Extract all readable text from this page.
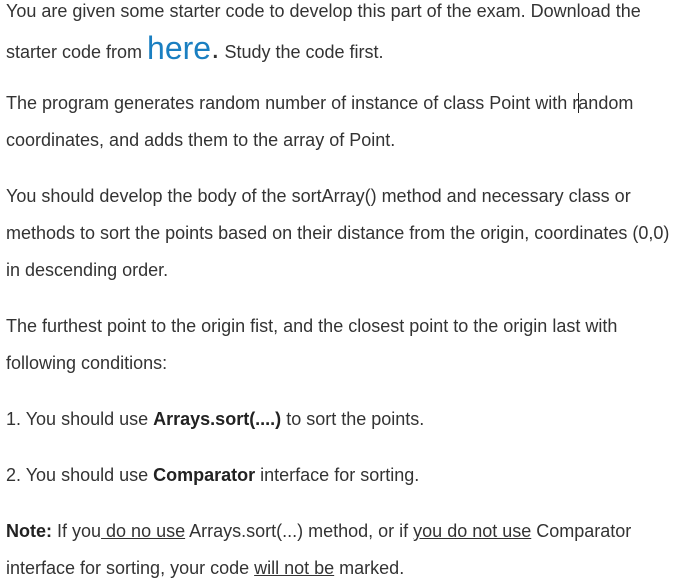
You are given some starter code to develop this part of the exam. Download the
starter code from here. Study the code first.
The program generates random number of instance of class Point with random
coordinates, and adds them to the array of Point.
You should develop the body of the sortArray() method and necessary class or
methods to sort the points based on their distance from the origin, coordinates (0,0)
in descending order.
The furthest point to the origin fist, and the closest point to the origin last with
following conditions:
1. You should use Arrays.sort(....) to sort the points.
2. You should use Comparator interface for sorting.
Note: If you do no use Arrays.sort(...) method, or if you do not use Comparator
interface for sorting, your code will not be marked.
